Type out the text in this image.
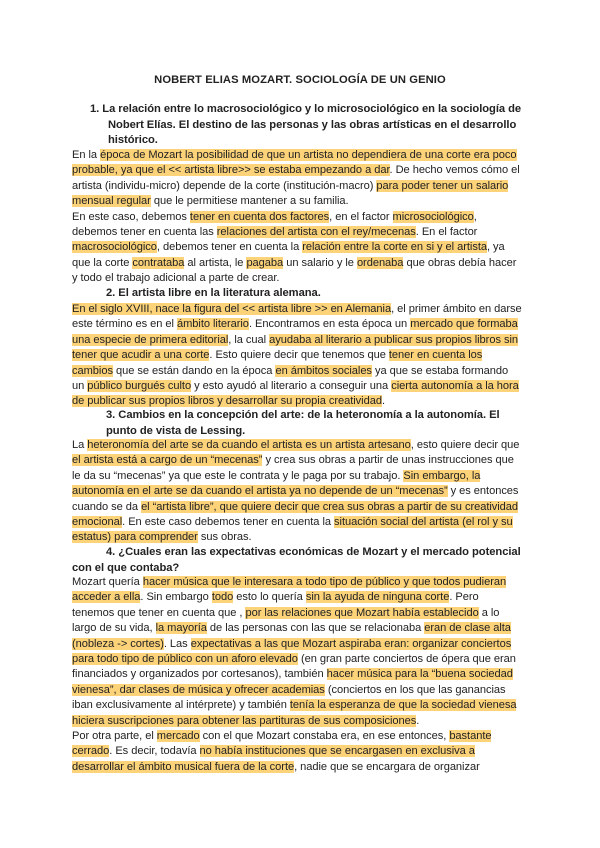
NOBERT ELIAS MOZART. SOCIOLOGÍA DE UN GENIO
1. La relación entre lo macrosociológico y lo microsociológico en la sociología de
Nobert Elías. El destino de las personas y las obras artísticas en el desarrollo
histórico.
En la época de Mozart la posibilidad de que un artista no dependiera de una corte era poco
probable, ya que el << artista libre>> se estaba empezando a dar. De hecho vemos cómo el
artista (individu-micro) depende de la corte (institución-macro) para poder tener un salario
mensual regular que le permitiese mantener a su familia.
En este caso, debemos tener en cuenta dos factores, en el factor microsociológico,
debemos tener en cuenta las relaciones del artista con el rey/mecenas. En el factor
macrosociológico, debemos tener en cuenta la relación entre la corte en si y el artista, ya
que la corte contrataba al artista, le pagaba un salario y le ordenaba que obras debía hacer
y todo el trabajo adicional a parte de crear.
2. El artista libre en la literatura alemana.
En el siglo XVIII, nace la figura del << artista libre >> en Alemania, el primer ámbito en darse
este término es en el ámbito literario. Encontramos en esta época un mercado que formaba
una especie de primera editorial, la cual ayudaba al literario a publicar sus propios libros sin
tener que acudir a una corte. Esto quiere decir que tenemos que tener en cuenta los
cambios que se están dando en la época en ámbitos sociales ya que se estaba formando
un público burgués culto y esto ayudó al literario a conseguir una cierta autonomía a la hora
de publicar sus propios libros y desarrollar su propia creatividad.
3. Cambios en la concepción del arte: de la heteronomía a la autonomía. El
punto de vista de Lessing.
La heteronomía del arte se da cuando el artista es un artista artesano, esto quiere decir que
el artista está a cargo de un “mecenas” y crea sus obras a partir de unas instrucciones que
le da su “mecenas” ya que este le contrata y le paga por su trabajo. Sin embargo, la
autonomía en el arte se da cuando el artista ya no depende de un “mecenas” y es entonces
cuando se da el “artista libre”, que quiere decir que crea sus obras a partir de su creatividad
emocional. En este caso debemos tener en cuenta la situación social del artista (el rol y su
estatus) para comprender sus obras.
4. ¿Cuales eran las expectativas económicas de Mozart y el mercado potencial
con el que contaba?
Mozart quería hacer música que le interesara a todo tipo de público y que todos pudieran
acceder a ella. Sin embargo todo esto lo quería sin la ayuda de ninguna corte. Pero
tenemos que tener en cuenta que , por las relaciones que Mozart había establecido a lo
largo de su vida, la mayoría de las personas con las que se relacionaba eran de clase alta
(nobleza -> cortes). Las expectativas a las que Mozart aspiraba eran: organizar conciertos
para todo tipo de público con un aforo elevado (en gran parte conciertos de ópera que eran
financiados y organizados por cortesanos), también hacer música para la “buena sociedad
vienesa”, dar clases de música y ofrecer academias (conciertos en los que las ganancias
iban exclusivamente al intérprete) y también tenía la esperanza de que la sociedad vienesa
hiciera suscripciones para obtener las partituras de sus composiciones.
Por otra parte, el mercado con el que Mozart constaba era, en ese entonces, bastante
cerrado. Es decir, todavía no había instituciones que se encargasen en exclusiva a
desarrollar el ámbito musical fuera de la corte, nadie que se encargara de organizar
